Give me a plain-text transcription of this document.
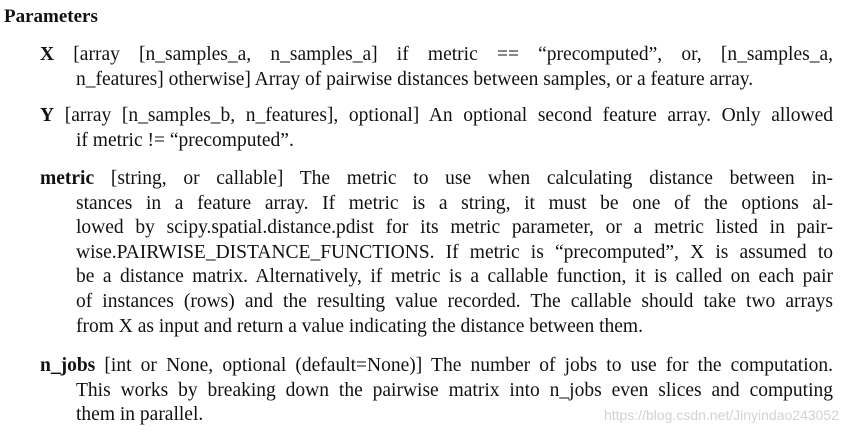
Parameters
X [array [n_samples_a, n_samples_a] if metric == “precomputed”, or, [n_samples_a,
n_features] otherwise] Array of pairwise distances between samples, or a feature array.
Y [array [n_samples_b, n_features], optional] An optional second feature array. Only allowed
if metric != “precomputed”.
metric [string, or callable] The metric to use when calculating distance between in-
stances in a feature array. If metric is a string, it must be one of the options al-
lowed by scipy.spatial.distance.pdist for its metric parameter, or a metric listed in pair-
wise.PAIRWISE_DISTANCE_FUNCTIONS. If metric is “precomputed”, X is assumed to
be a distance matrix. Alternatively, if metric is a callable function, it is called on each pair
of instances (rows) and the resulting value recorded. The callable should take two arrays
from X as input and return a value indicating the distance between them.
n_jobs [int or None, optional (default=None)] The number of jobs to use for the computation.
This works by breaking down the pairwise matrix into n_jobs even slices and computing
them in parallel.	https://blog.csdn.net/Jinyindao243052
